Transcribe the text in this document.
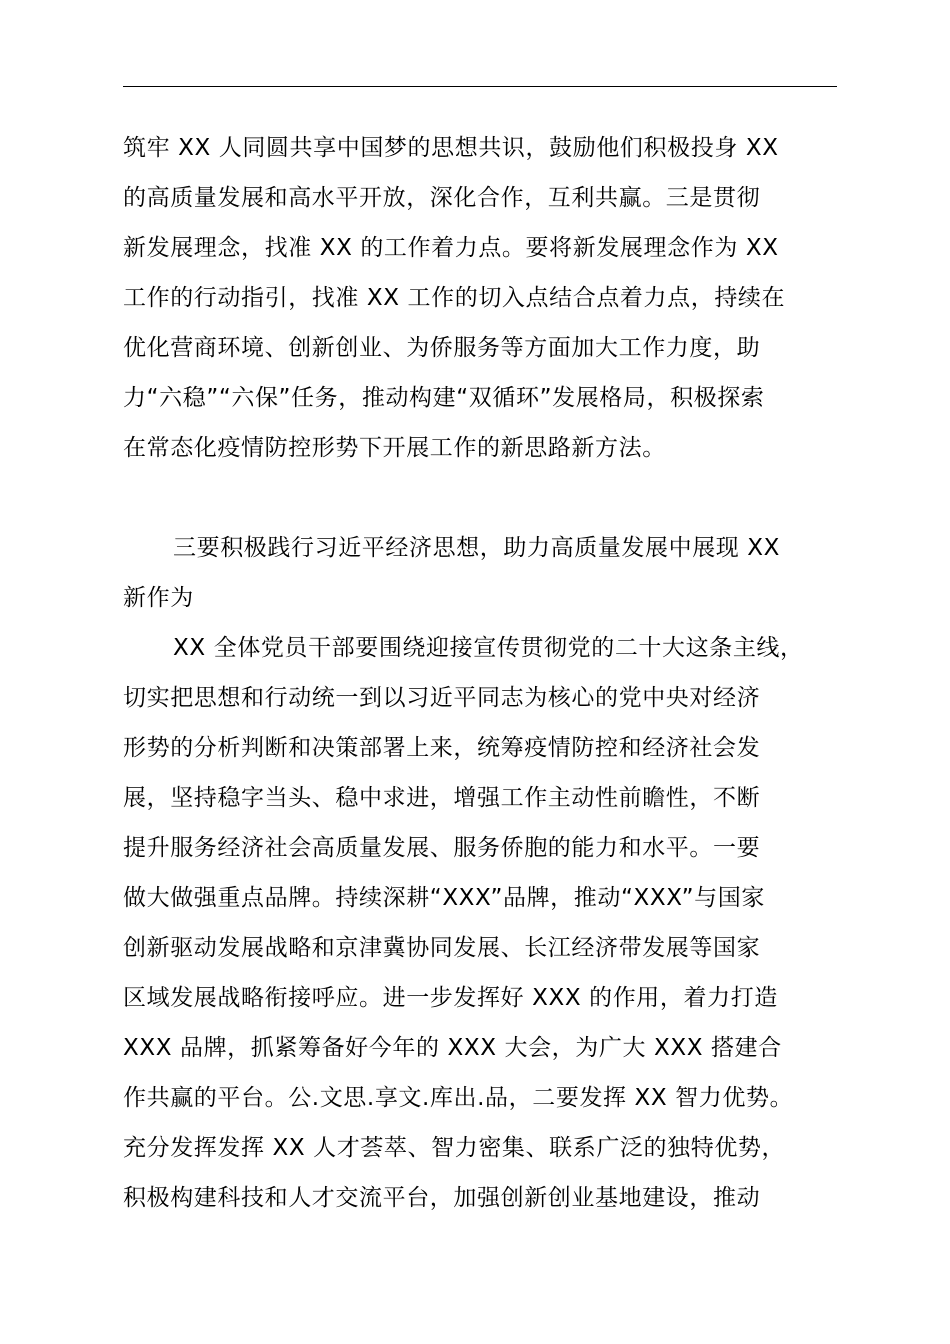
筑牢 XX 人同圆共享中国梦的思想共识，鼓励他们积极投身 XX
的高质量发展和高水平开放，深化合作，互利共赢。三是贯彻
新发展理念，找准 XX 的工作着力点。要将新发展理念作为 XX
工作的行动指引，找准 XX 工作的切入点结合点着力点，持续在
优化营商环境、创新创业、为侨服务等方面加大工作力度，助
力“六稳”“六保”任务，推动构建“双循环”发展格局，积极探索
在常态化疫情防控形势下开展工作的新思路新方法。
三要积极践行习近平经济思想，助力高质量发展中展现 XX
新作为
XX 全体党员干部要围绕迎接宣传贯彻党的二十大这条主线，
切实把思想和行动统一到以习近平同志为核心的党中央对经济
形势的分析判断和决策部署上来，统筹疫情防控和经济社会发
展，坚持稳字当头、稳中求进，增强工作主动性前瞻性，不断
提升服务经济社会高质量发展、服务侨胞的能力和水平。一要
做大做强重点品牌。持续深耕“XXX”品牌，推动“XXX”与国家
创新驱动发展战略和京津冀协同发展、长江经济带发展等国家
区域发展战略衔接呼应。进一步发挥好 XXX 的作用，着力打造
XXX 品牌，抓紧筹备好今年的 XXX 大会，为广大 XXX 搭建合
作共赢的平台。公.文思.享文.库出.品，二要发挥 XX 智力优势。
充分发挥发挥 XX 人才荟萃、智力密集、联系广泛的独特优势，
积极构建科技和人才交流平台，加强创新创业基地建设，推动
